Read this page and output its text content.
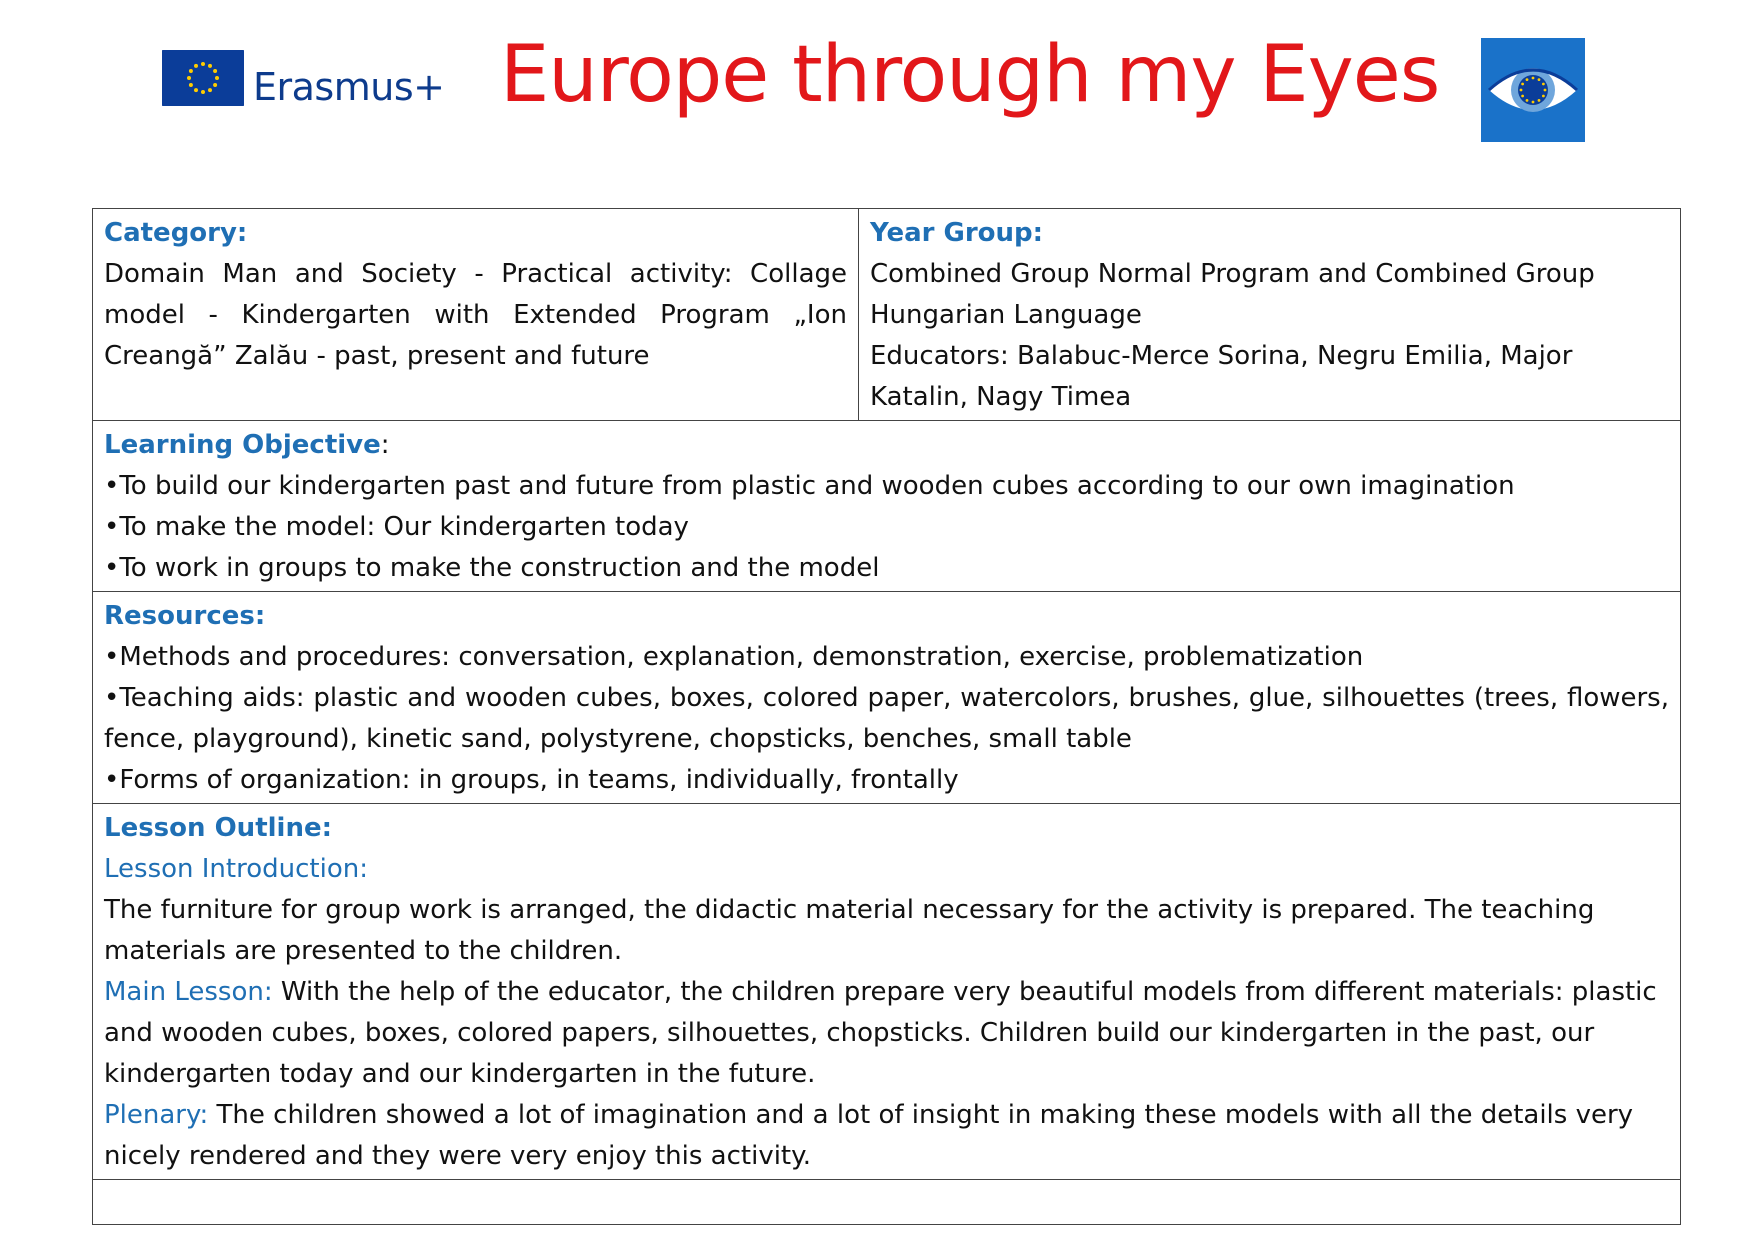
Erasmus+ Europe through my Eyes
Category:
Domain Man and Society - Practical activity: Collage model - Kindergarten with Extended Program „Ion Creangă” Zalău - past, present and future

Year Group:
Combined Group Normal Program and Combined Group Hungarian Language
Educators: Balabuc-Merce Sorina, Negru Emilia, Major Katalin, Nagy Timea

Learning Objective:
• To build our kindergarten past and future from plastic and wooden cubes according to our own imagination
• To make the model: Our kindergarten today
• To work in groups to make the construction and the model

Resources:
• Methods and procedures: conversation, explanation, demonstration, exercise, problematization
• Teaching aids: plastic and wooden cubes, boxes, colored paper, watercolors, brushes, glue, silhouettes (trees, flowers, fence, playground), kinetic sand, polystyrene, chopsticks, benches, small table
• Forms of organization: in groups, in teams, individually, frontally

Lesson Outline:
Lesson Introduction:
The furniture for group work is arranged, the didactic material necessary for the activity is prepared. The teaching materials are presented to the children.
Main Lesson: With the help of the educator, the children prepare very beautiful models from different materials: plastic and wooden cubes, boxes, colored papers, silhouettes, chopsticks. Children build our kindergarten in the past, our kindergarten today and our kindergarten in the future.
Plenary: The children showed a lot of imagination and a lot of insight in making these models with all the details very nicely rendered and they were very enjoy this activity.
